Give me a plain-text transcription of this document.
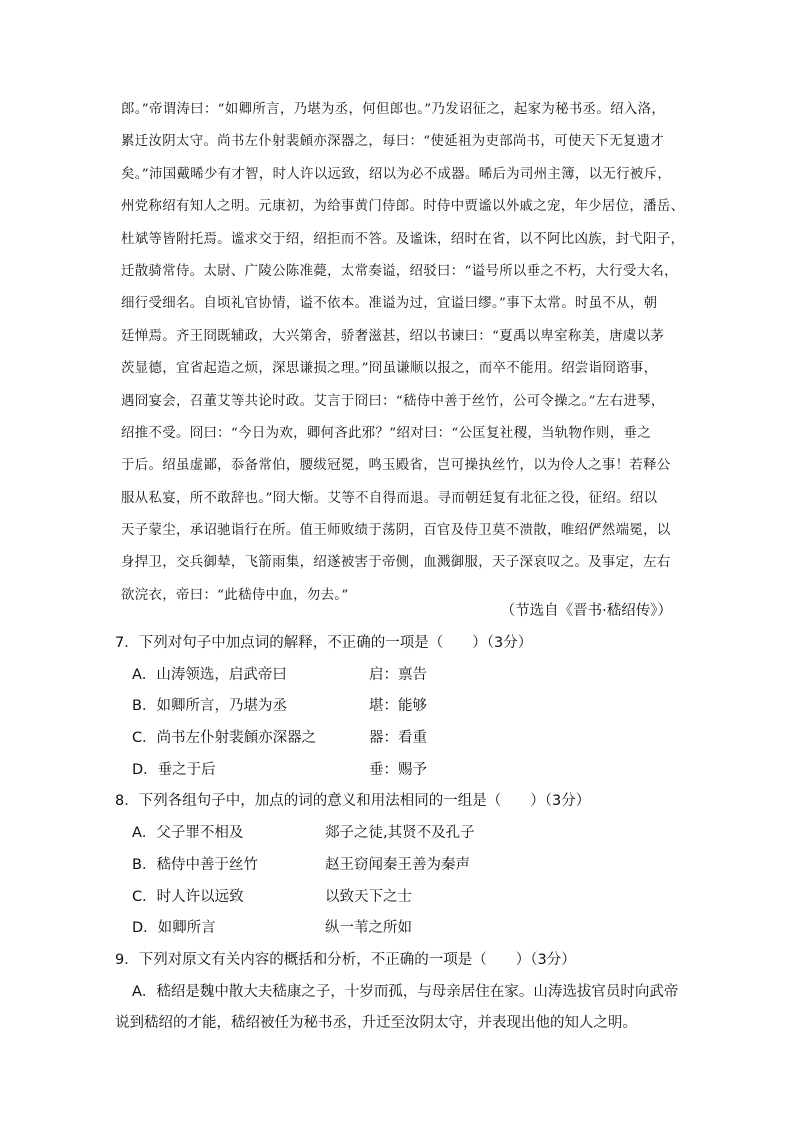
郎。”帝谓涛曰：“如卿所言，乃堪为丞，何但郎也。”乃发诏征之，起家为秘书丞。绍入洛，
累迁汝阴太守。尚书左仆射裴頠亦深器之，每曰：“使延祖为吏部尚书，可使天下无复遗才
矣。”沛国戴晞少有才智，时人许以远致，绍以为必不成器。晞后为司州主簿，以无行被斥，
州党称绍有知人之明。元康初，为给事黄门侍郎。时侍中贾谧以外戚之宠，年少居位，潘岳、
杜斌等皆附托焉。谧求交于绍，绍拒而不答。及谧诛，绍时在省，以不阿比凶族，封弋阳子，
迁散骑常侍。太尉、广陵公陈准薨，太常奏谥，绍驳曰：“谥号所以垂之不朽，大行受大名，
细行受细名。自顷礼官协情，谥不依本。准谥为过，宜谥曰缪。”事下太常。时虽不从，朝
廷惮焉。齐王冏既辅政，大兴第舍，骄奢滋甚，绍以书谏曰：“夏禹以卑室称美，唐虞以茅
茨显德，宜省起造之烦，深思谦损之理。”冏虽谦顺以报之，而卒不能用。绍尝诣冏谘事，
遇冏宴会，召董艾等共论时政。艾言于冏曰：“嵇侍中善于丝竹，公可令操之。”左右进琴，
绍推不受。冏曰：“今日为欢，卿何吝此邪？”绍对曰：“公匡复社稷，当轨物作则，垂之
于后。绍虽虚鄙，忝备常伯，腰绂冠冕，鸣玉殿省，岂可操执丝竹，以为伶人之事！若释公
服从私宴，所不敢辞也。”冏大惭。艾等不自得而退。寻而朝廷复有北征之役，征绍。绍以
天子蒙尘，承诏驰诣行在所。值王师败绩于荡阴，百官及侍卫莫不溃散，唯绍俨然端冕，以
身捍卫，交兵御辇，飞箭雨集，绍遂被害于帝侧，血溅御服，天子深哀叹之。及事定，左右
欲浣衣，帝曰：“此嵇侍中血，勿去。”
（节选自《晋书·嵇绍传》）
7．下列对句子中加点词的解释，不正确的一项是（　　）（3分）
A．山涛领选，启武帝曰	启：禀告
B．如卿所言，乃堪为丞	堪：能够
C．尚书左仆射裴頠亦深器之	器：看重
D．垂之于后	垂：赐予
8．下列各组句子中，加点的词的意义和用法相同的一组是（　　）（3分）
A．父子罪不相及	郯子之徒,其贤不及孔子
B．嵇侍中善于丝竹	赵王窃闻秦王善为秦声
C．时人许以远致	以致天下之士
D．如卿所言	纵一苇之所如
9．下列对原文有关内容的概括和分析，不正确的一项是（　　）（3分）
A．嵇绍是魏中散大夫嵇康之子，十岁而孤，与母亲居住在家。山涛选拔官员时向武帝说到嵇绍的才能，嵇绍被任为秘书丞，升迁至汝阴太守，并表现出他的知人之明。
